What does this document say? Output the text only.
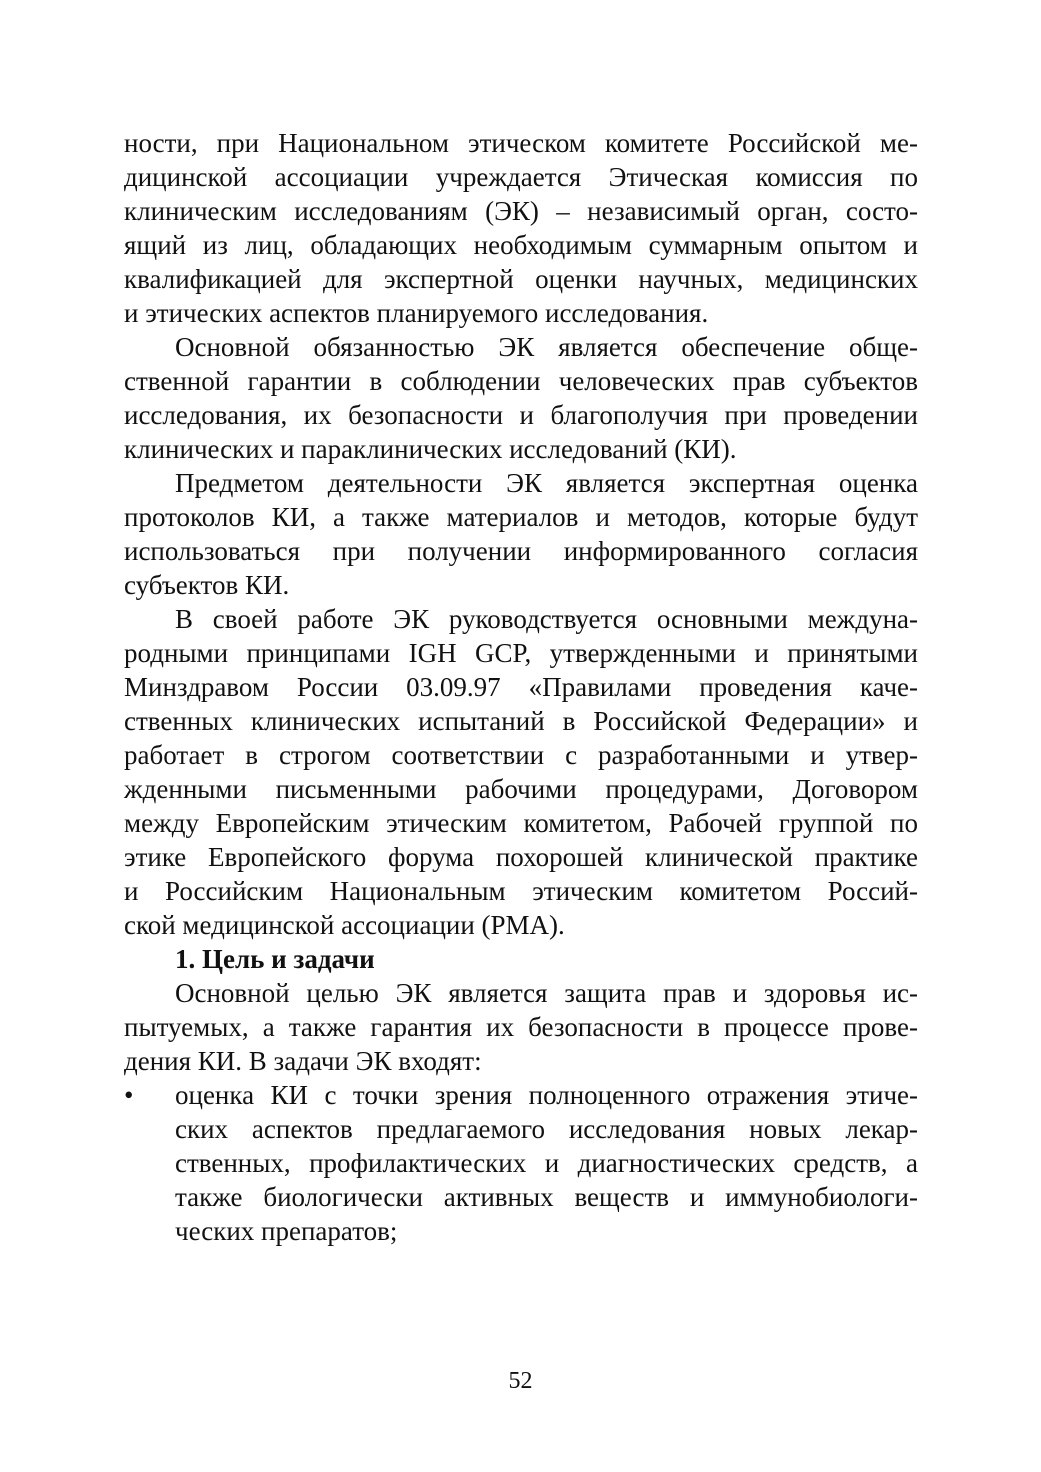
ности, при Национальном этическом комитете Российской ме-
дицинской ассоциации учреждается Этическая комиссия по
клиническим исследованиям (ЭК) – независимый орган, состо-
ящий из лиц, обладающих необходимым суммарным опытом и
квалификацией для экспертной оценки научных, медицинских
и этических аспектов планируемого исследования.
Основной обязанностью ЭК является обеспечение обще-
ственной гарантии в соблюдении человеческих прав субъектов
исследования, их безопасности и благополучия при проведении
клинических и параклинических исследований (КИ).
Предметом деятельности ЭК является экспертная оценка
протоколов КИ, а также материалов и методов, которые будут
использоваться при получении информированного согласия
субъектов КИ.
В своей работе ЭК руководствуется основными междуна-
родными принципами IGH GCP, утвержденными и принятыми
Минздравом России 03.09.97 «Правилами проведения каче-
ственных клинических испытаний в Российской Федерации» и
работает в строгом соответствии с разработанными и утвер-
жденными письменными рабочими процедурами, Договором
между Европейским этическим комитетом, Рабочей группой по
этике Европейского форума похорошей клинической практике
и Российским Национальным этическим комитетом Россий-
ской медицинской ассоциации (РМА).
1. Цель и задачи
Основной целью ЭК является защита прав и здоровья ис-
пытуемых, а также гарантия их безопасности в процессе прове-
дения КИ. В задачи ЭК входят:
•	оценка КИ с точки зрения полноценного отражения этиче-
ских аспектов предлагаемого исследования новых лекар-
ственных, профилактических и диагностических средств, а
также биологически активных веществ и иммунобиологи-
ческих препаратов;
52
